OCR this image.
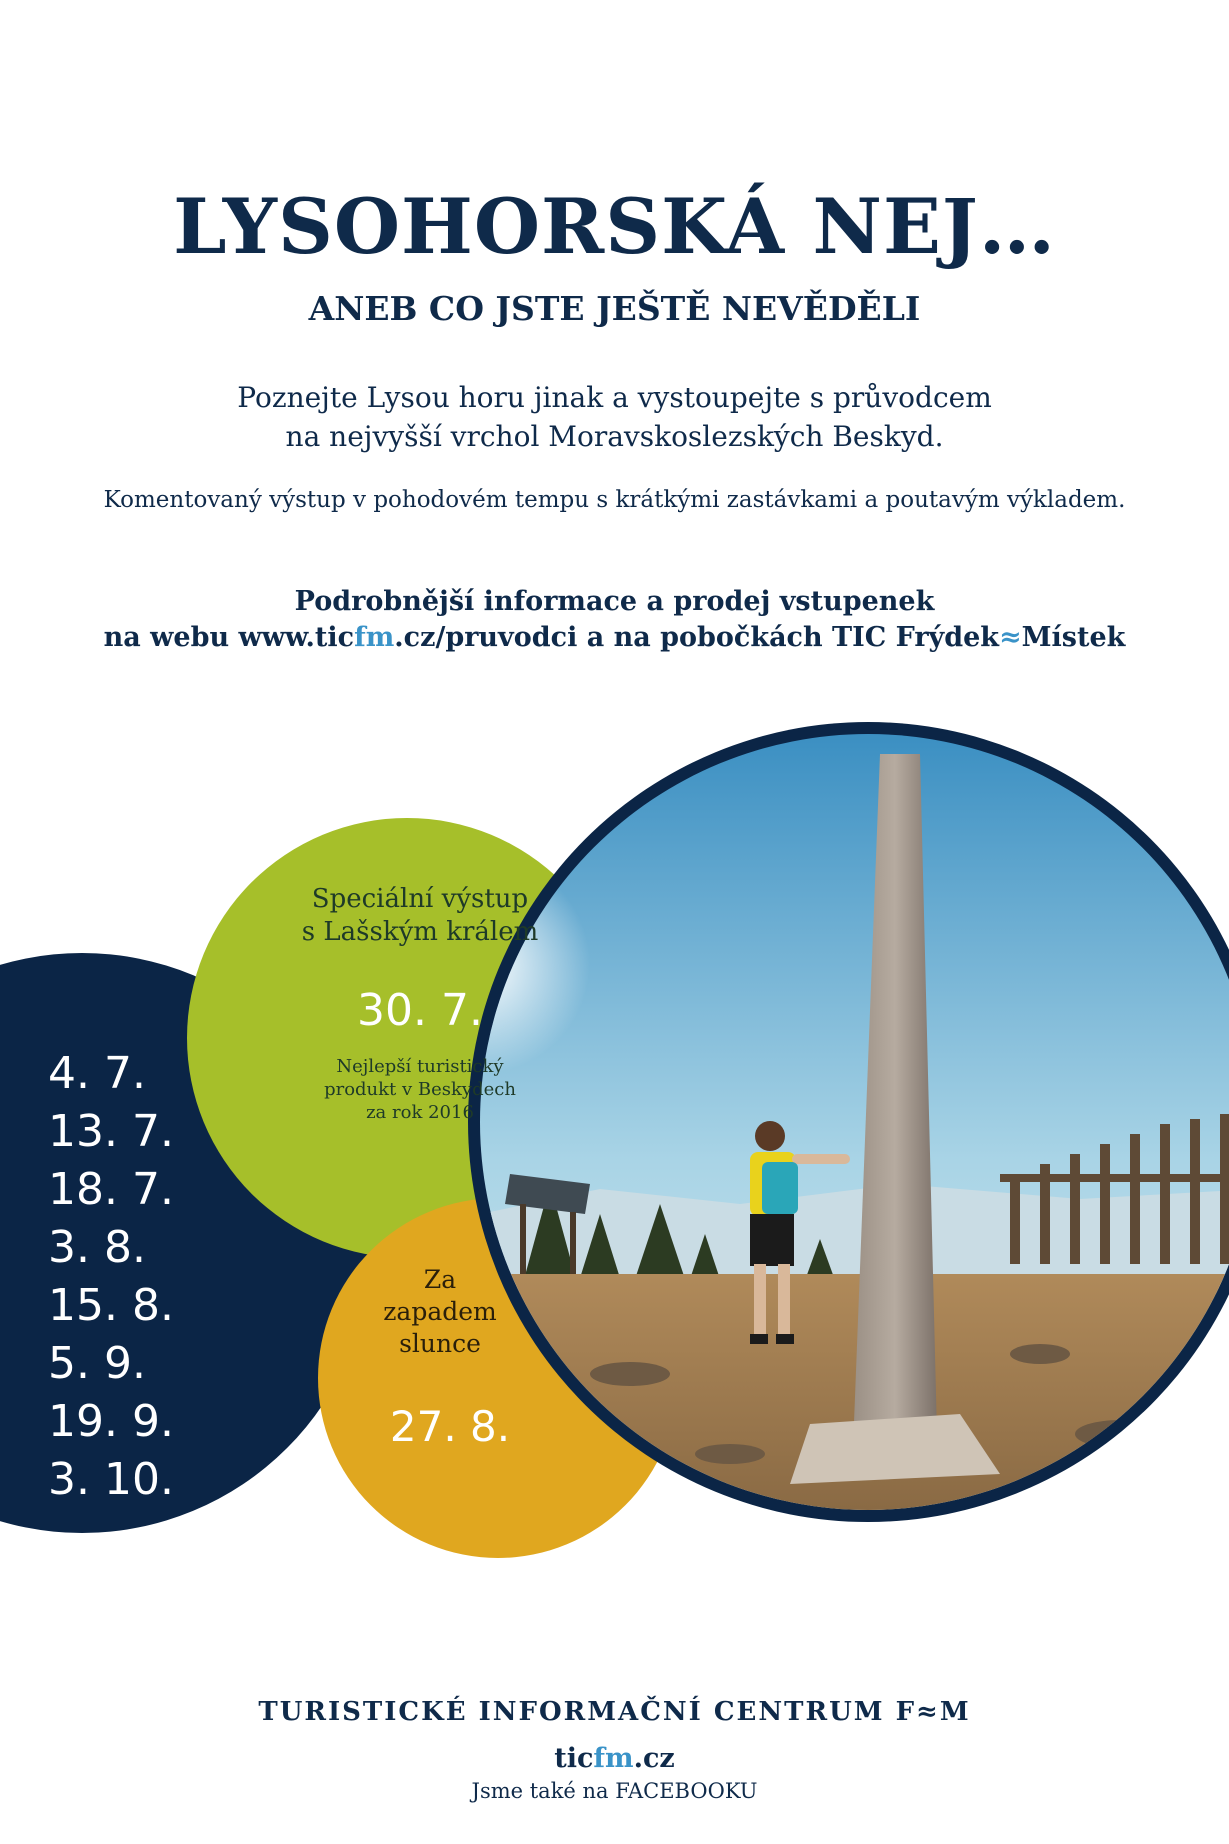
LYSOHORSKÁ NEJ…
ANEB CO JSTE JEŠTĚ NEVĚDĚLI
Poznejte Lysou horu jinak a vystoupejte s průvodcem
na nejvyšší vrchol Moravskoslezských Beskyd.
Komentovaný výstup v pohodovém tempu s krátkými zastávkami a poutavým výkladem.
Podrobnější informace a prodej vstupenek
na webu www.ticfm.cz/pruvodci a na pobočkách TIC Frýdek≈Místek
4. 7.
13. 7.
18. 7.
3. 8.
15. 8.
5. 9.
19. 9.
3. 10.
Speciální výstup
s Lašským králem
30. 7.
Nejlepší turistický
produkt v Beskydech
za rok 2016
Za
zapadem
slunce
27. 8.
TURISTICKÉ INFORMAČNÍ CENTRUM F≈M
ticfm.cz
Jsme také na FACEBOOKU
